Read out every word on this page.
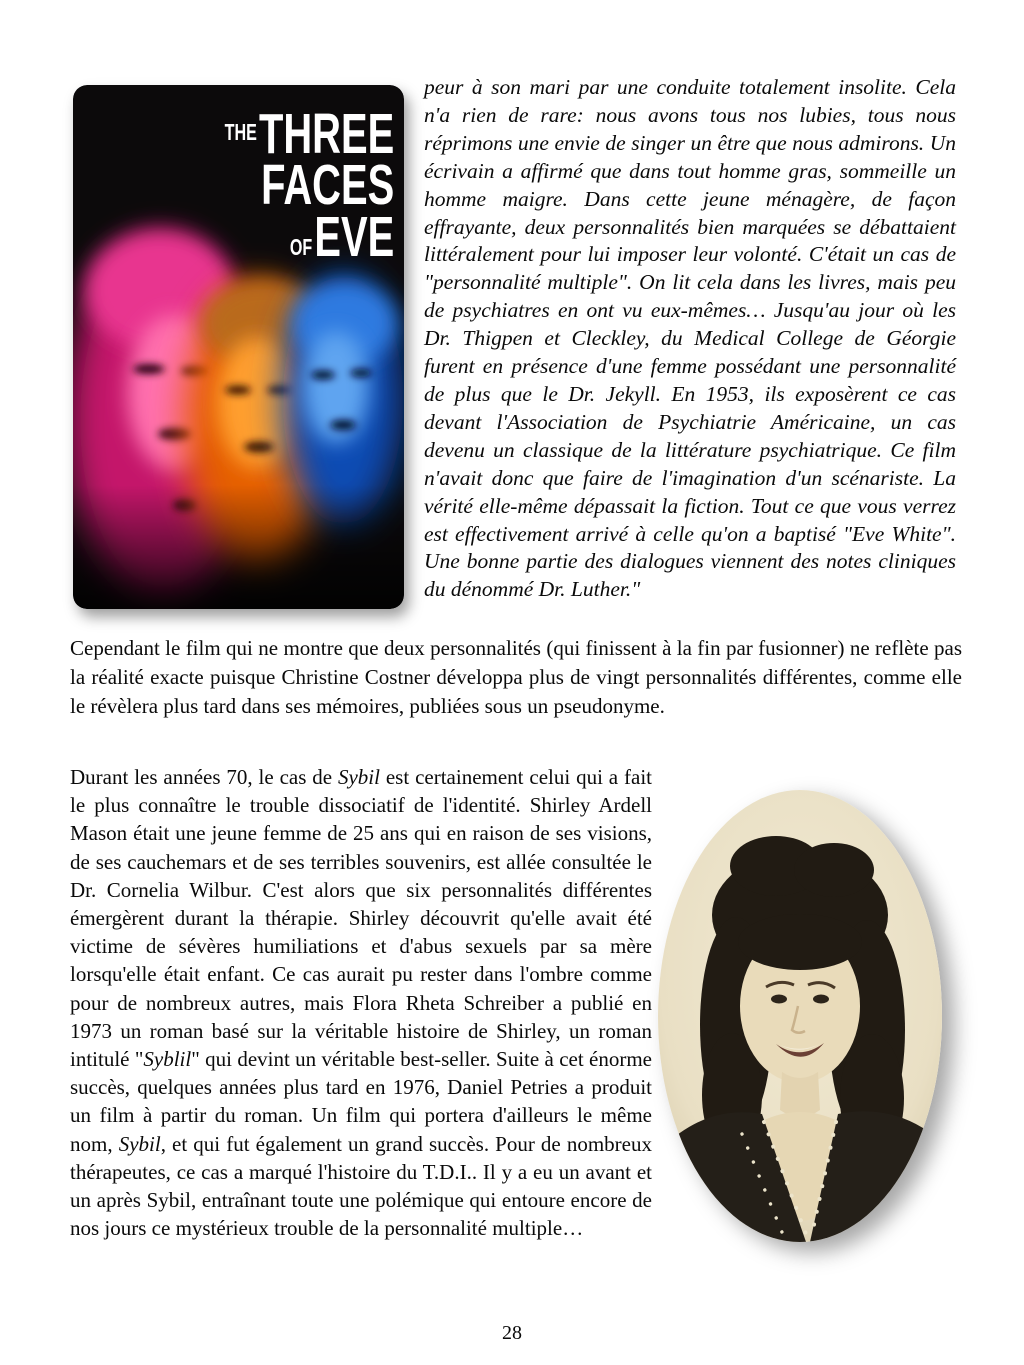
THE THREE
FACES
OF EVE
peur à son mari par une conduite totalement insolite. Cela n'a rien de rare: nous avons tous nos lubies, tous nous réprimons une envie de singer un être que nous admirons. Un écrivain a affirmé que dans tout homme gras, sommeille un homme maigre. Dans cette jeune ménagère, de façon effrayante, deux personnalités bien marquées se débattaient littéralement pour lui imposer leur volonté. C'était un cas de "personnalité multiple". On lit cela dans les livres, mais peu de psychiatres en ont vu eux-mêmes… Jusqu'au jour où les Dr. Thigpen et Cleckley, du Medical College de Géorgie furent en présence d'une femme possédant une personnalité de plus que le Dr. Jekyll. En 1953, ils exposèrent ce cas devant l'Association de Psychiatrie Américaine, un cas devenu un classique de la littérature psychiatrique. Ce film n'avait donc que faire de l'imagination d'un scénariste. La vérité elle-même dépassait la fiction. Tout ce que vous verrez est effectivement arrivé à celle qu'on a baptisé "Eve White". Une bonne partie des dialogues viennent des notes cliniques du dénommé Dr. Luther."
Cependant le film qui ne montre que deux personnalités (qui finissent à la fin par fusionner) ne reflète pas la réalité exacte puisque Christine Costner développa plus de vingt personnalités différentes, comme elle le révèlera plus tard dans ses mémoires, publiées sous un pseudonyme.
Durant les années 70, le cas de Sybil est certainement celui qui a fait le plus connaître le trouble dissociatif de l'identité. Shirley Ardell Mason était une jeune femme de 25 ans qui en raison de ses visions, de ses cauchemars et de ses terribles souvenirs, est allée consultée le Dr. Cornelia Wilbur. C'est alors que six personnalités différentes émergèrent durant la thérapie. Shirley découvrit qu'elle avait été victime de sévères humiliations et d'abus sexuels par sa mère lorsqu'elle était enfant. Ce cas aurait pu rester dans l'ombre comme pour de nombreux autres, mais Flora Rheta Schreiber a publié en 1973 un roman basé sur la véritable histoire de Shirley, un roman intitulé "Syblil" qui devint un véritable best-seller. Suite à cet énorme succès, quelques années plus tard en 1976, Daniel Petries a produit un film à partir du roman. Un film qui portera d'ailleurs le même nom, Sybil, et qui fut également un grand succès. Pour de nombreux thérapeutes, ce cas a marqué l'histoire du T.D.I.. Il y a eu un avant et un après Sybil, entraînant toute une polémique qui entoure encore de nos jours ce mystérieux trouble de la personnalité multiple…
28
